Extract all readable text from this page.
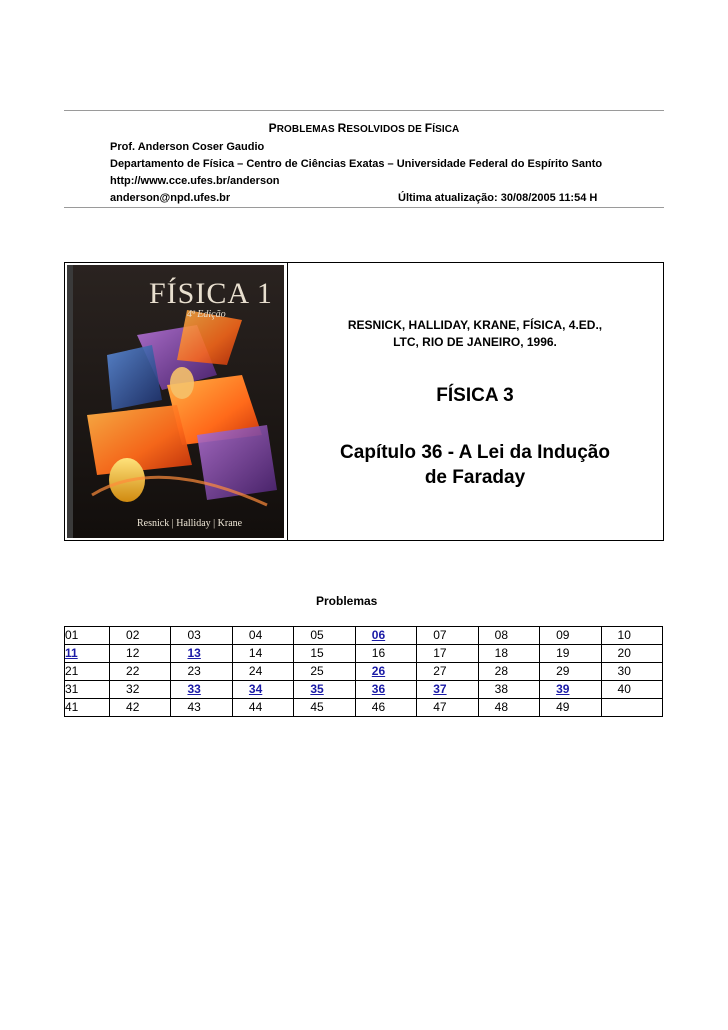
PROBLEMAS RESOLVIDOS DE FÍSICA
Prof. Anderson Coser Gaudio
Departamento de Física – Centro de Ciências Exatas – Universidade Federal do Espírito Santo
http://www.cce.ufes.br/anderson
anderson@npd.ufes.br	Última atualização: 30/08/2005 11:54 H
FÍSICA 1
4ª Edição
Resnick | Halliday | Krane
RESNICK, HALLIDAY, KRANE, FÍSICA, 4.ED.,
LTC, RIO DE JANEIRO, 1996.
FÍSICA 3
Capítulo 36 - A Lei da Indução
de Faraday
Problemas
01	02	03	04	05	06	07	08	09	10
11	12	13	14	15	16	17	18	19	20
21	22	23	24	25	26	27	28	29	30
31	32	33	34	35	36	37	38	39	40
41	42	43	44	45	46	47	48	49	
